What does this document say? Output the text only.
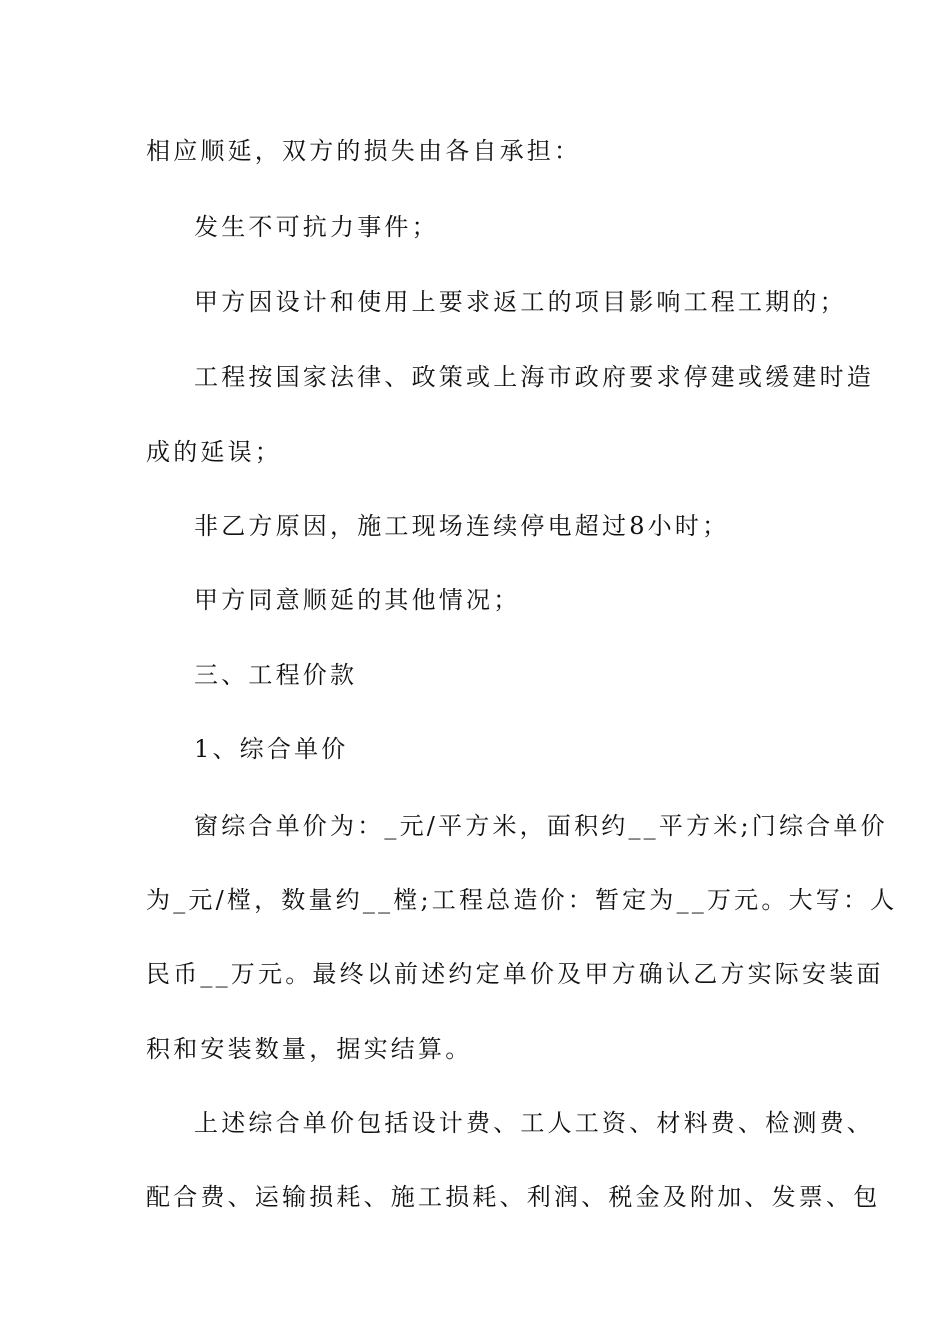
相应顺延，双方的损失由各自承担：
发生不可抗力事件；
甲方因设计和使用上要求返工的项目影响工程工期的；
工程按国家法律、政策或上海市政府要求停建或缓建时造
成的延误；
非乙方原因，施工现场连续停电超过8小时；
甲方同意顺延的其他情况；
三、工程价款
1、综合单价
窗综合单价为：_元/平方米，面积约__平方米;门综合单价
为_元/樘，数量约__樘;工程总造价：暂定为__万元。大写：人
民币__万元。最终以前述约定单价及甲方确认乙方实际安装面
积和安装数量，据实结算。
上述综合单价包括设计费、工人工资、材料费、检测费、
配合费、运输损耗、施工损耗、利润、税金及附加、发票、包
